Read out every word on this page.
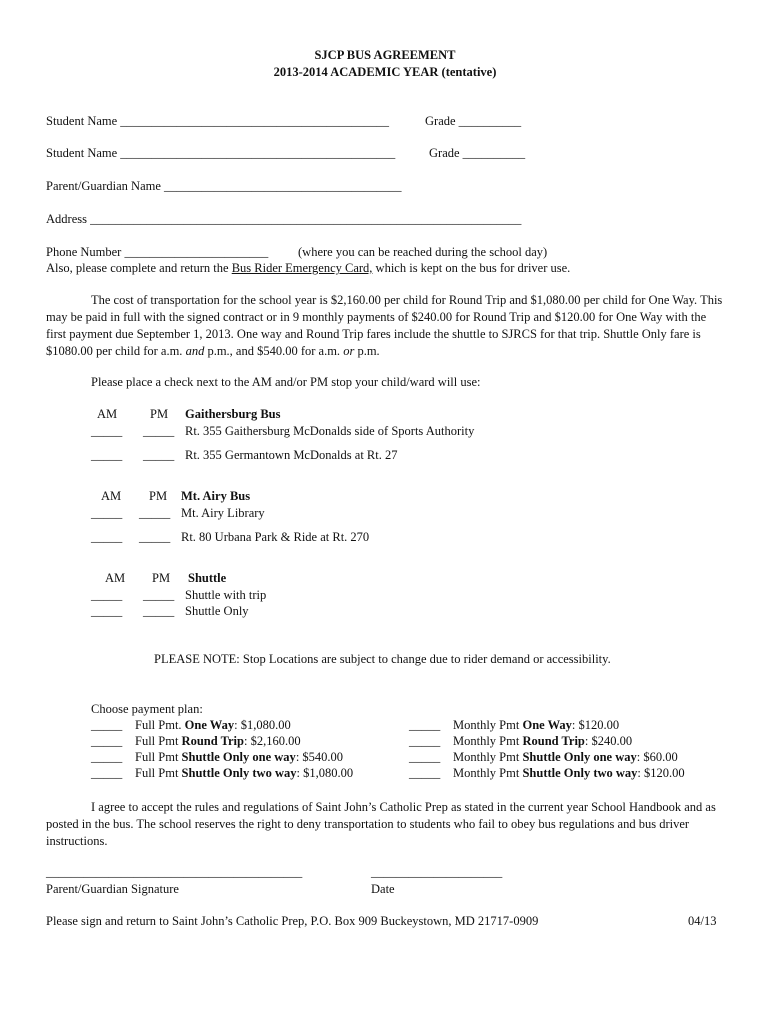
SJCP BUS AGREEMENT
2013-2014 ACADEMIC YEAR (tentative)
Student Name ___________________________________________	Grade __________
Student Name ____________________________________________	Grade __________
Parent/Guardian Name ______________________________________
Address _____________________________________________________________________
Phone Number _______________________ (where you can be reached during the school day)
Also, please complete and return the Bus Rider Emergency Card, which is kept on the bus for driver use.
The cost of transportation for the school year is $2,160.00 per child for Round Trip and $1,080.00 per child for One Way. This may be paid in full with the signed contract or in 9 monthly payments of $240.00 for Round Trip and $120.00 for One Way with the first payment due September 1, 2013. One way and Round Trip fares include the shuttle to SJRCS for that trip. Shuttle Only fare is $1080.00 per child for a.m. and p.m., and $540.00 for a.m. or p.m.
Please place a check next to the AM and/or PM stop your child/ward will use:
AM	PM Gaithersburg Bus
_____ _____ Rt. 355 Gaithersburg McDonalds side of Sports Authority
_____ _____ Rt. 355 Germantown McDonalds at Rt. 27
AM PM Mt. Airy Bus
_____ _____ Mt. Airy Library
_____ _____ Rt. 80 Urbana Park & Ride at Rt. 270
AM PM Shuttle
_____ _____ Shuttle with trip
_____ _____ Shuttle Only
PLEASE NOTE: Stop Locations are subject to change due to rider demand or accessibility.
Choose payment plan:
_____ Full Pmt. One Way: $1,080.00
_____ Full Pmt Round Trip: $2,160.00
_____ Full Pmt Shuttle Only one way: $540.00
_____ Full Pmt Shuttle Only two way: $1,080.00
_____ Monthly Pmt One Way: $120.00
_____ Monthly Pmt Round Trip: $240.00
_____ Monthly Pmt Shuttle Only one way: $60.00
_____ Monthly Pmt Shuttle Only two way: $120.00
I agree to accept the rules and regulations of Saint John’s Catholic Prep as stated in the current year School Handbook and as posted in the bus. The school reserves the right to deny transportation to students who fail to obey bus regulations and bus driver instructions.
_________________________________________
Parent/Guardian Signature
_____________________
Date
Please sign and return to Saint John’s Catholic Prep, P.O. Box 909 Buckeystown, MD 21717-0909	04/13
